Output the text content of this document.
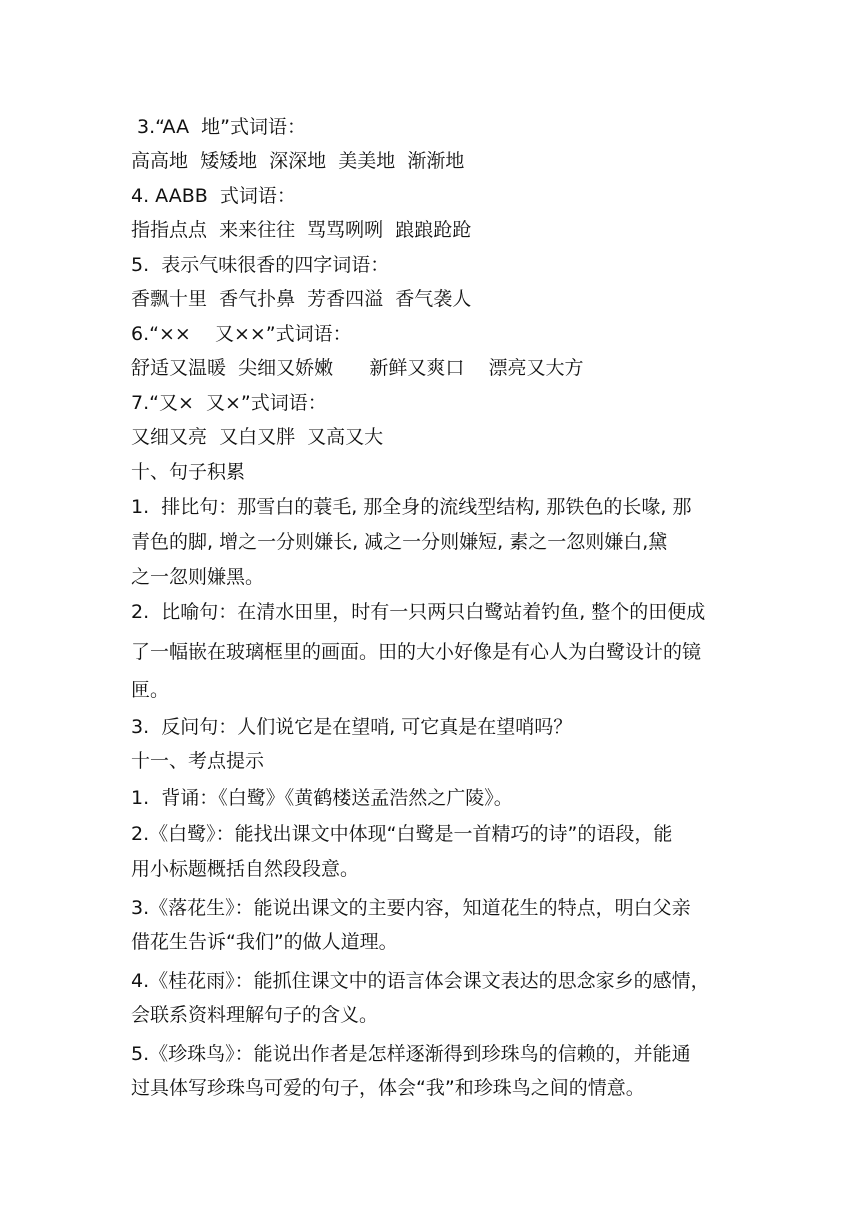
3.“AA  地”式词语：
高高地  矮矮地  深深地  美美地  渐渐地
4. AABB  式词语：
指指点点  来来往往  骂骂咧咧  踉踉跄跄
5.  表示气味很香的四字词语：
香飘十里  香气扑鼻  芳香四溢  香气袭人
6.“××    又××”式词语：
舒适又温暖  尖细又娇嫩      新鲜又爽口    漂亮又大方
7.“又×  又×”式词语：
又细又亮  又白又胖  又高又大
十、句子积累
1.  排比句：那雪白的蓑毛, 那全身的流线型结构, 那铁色的长喙, 那
青色的脚, 增之一分则嫌长, 减之一分则嫌短, 素之一忽则嫌白,黛
之一忽则嫌黑。
2.  比喻句：在清水田里，时有一只两只白鹭站着钓鱼, 整个的田便成
了一幅嵌在玻璃框里的画面。田的大小好像是有心人为白鹭设计的镜
匣。
3.  反问句：人们说它是在望哨, 可它真是在望哨吗？
十一、考点提示
1.  背诵：《白鹭》《黄鹤楼送孟浩然之广陵》。
2.《白鹭》：能找出课文中体现“白鹭是一首精巧的诗”的语段，能
用小标题概括自然段段意。
3.《落花生》：能说出课文的主要内容，知道花生的特点，明白父亲
借花生告诉“我们”的做人道理。
4.《桂花雨》：能抓住课文中的语言体会课文表达的思念家乡的感情，
会联系资料理解句子的含义。
5.《珍珠鸟》：能说出作者是怎样逐渐得到珍珠鸟的信赖的，并能通
过具体写珍珠鸟可爱的句子，体会“我”和珍珠鸟之间的情意。
